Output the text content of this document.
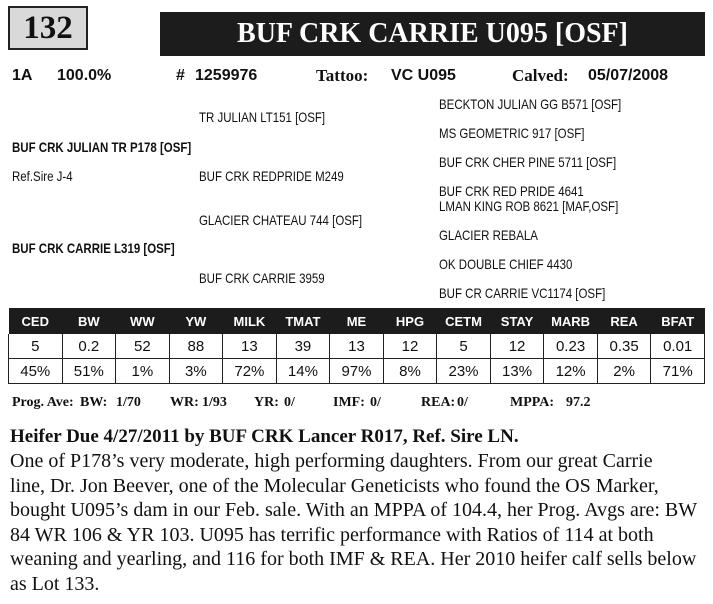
132	BUF CRK CARRIE U095 [OSF]
1A 100.0%	# 1259976	Tattoo: VC U095	Calved: 05/07/2008
TR JULIAN LT151 [OSF]
BECKTON JULIAN GG B571 [OSF]
MS GEOMETRIC 917 [OSF]
BUF CRK JULIAN TR P178 [OSF]
Ref.Sire J-4
BUF CRK CHER PINE 5711 [OSF]
BUF CRK REDPRIDE M249
BUF CRK RED PRIDE 4641
LMAN KING ROB 8621 [MAF,OSF]
GLACIER CHATEAU 744 [OSF]
GLACIER REBALA
BUF CRK CARRIE L319 [OSF]
OK DOUBLE CHIEF 4430
BUF CRK CARRIE 3959
BUF CR CARRIE VC1174 [OSF]
CED	BW	WW	YW	MILK	TMAT	ME	HPG	CETM	STAY	MARB	REA	BFAT
5	0.2	52	88	13	39	13	12	5	12	0.23	0.35	0.01
45%	51%	1%	3%	72%	14%	97%	8%	23%	13%	12%	2%	71%
Prog. Ave: BW: 1/70 WR: 1/93 YR: 0/	IMF: 0/	REA: 0/	MPPA: 97.2
Heifer Due 4/27/2011 by BUF CRK Lancer R017, Ref. Sire LN.
One of P178’s very moderate, high performing daughters. From our great Carrie
line, Dr. Jon Beever, one of the Molecular Geneticists who found the OS Marker,
bought U095’s dam in our Feb. sale. With an MPPA of 104.4, her Prog. Avgs are: BW
84 WR 106 & YR 103. U095 has terrific performance with Ratios of 114 at both
weaning and yearling, and 116 for both IMF & REA. Her 2010 heifer calf sells below
as Lot 133.
